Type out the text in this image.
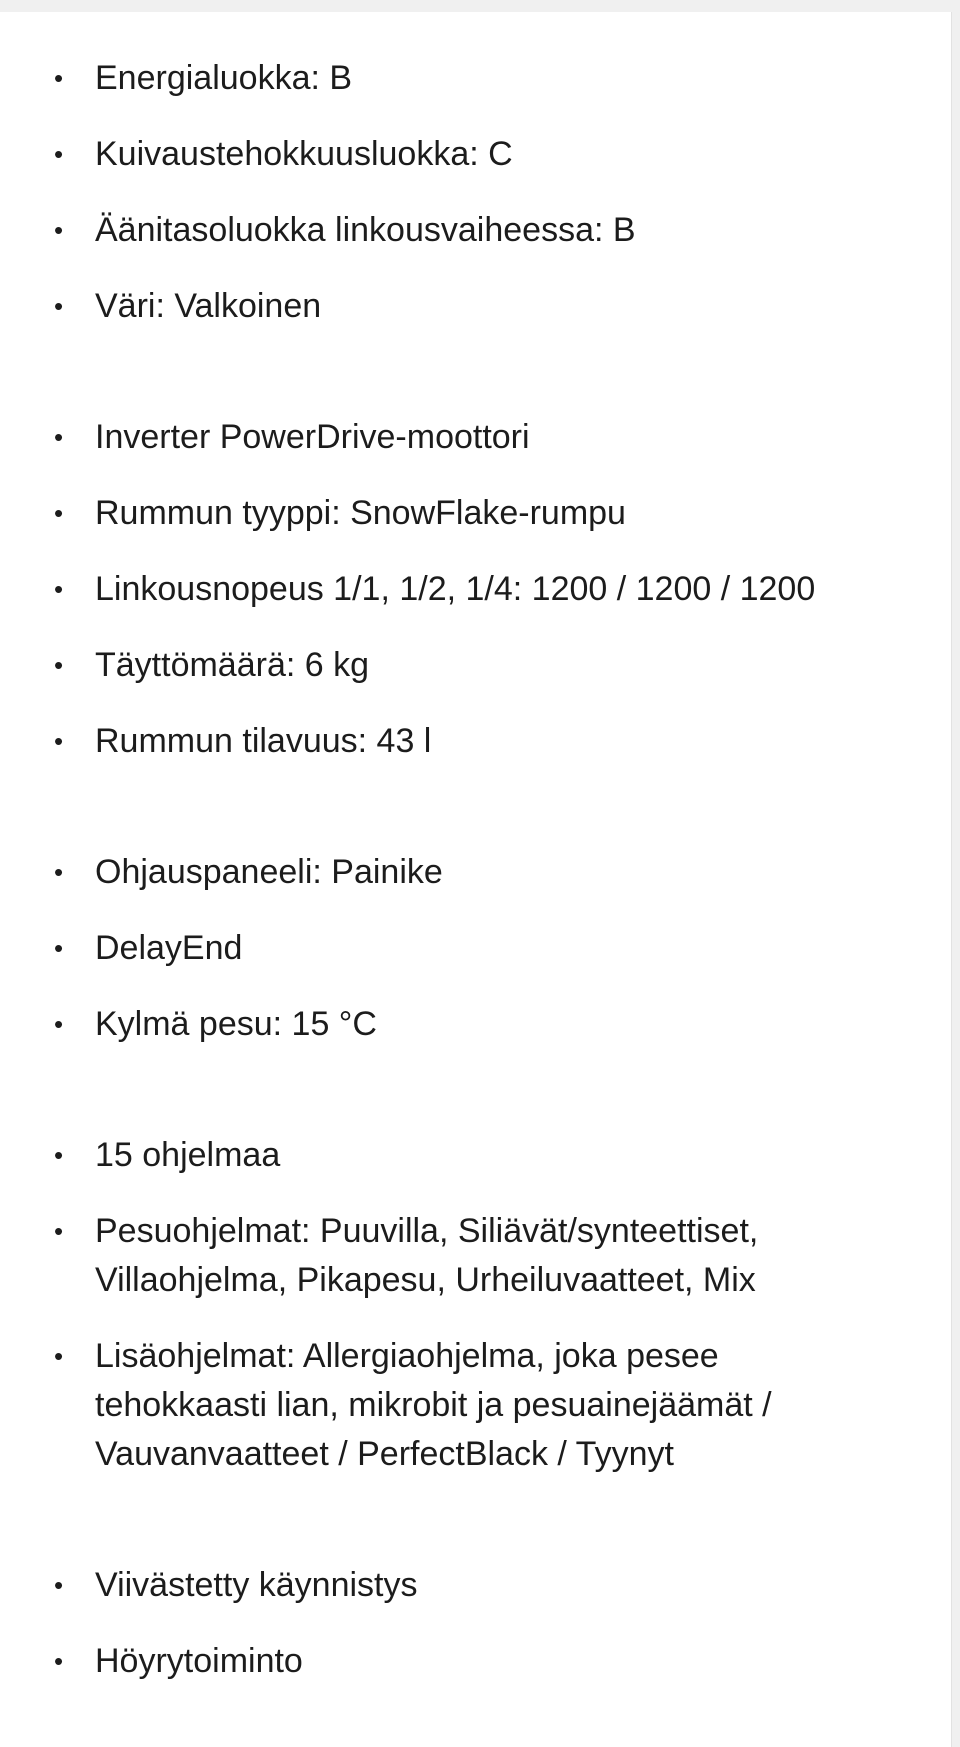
• Energialuokka: B
• Kuivaustehokkuusluokka: C
• Äänitasoluokka linkousvaiheessa: B
• Väri: Valkoinen
• Inverter PowerDrive-moottori
• Rummun tyyppi: SnowFlake-rumpu
• Linkousnopeus 1/1, 1/2, 1/4: 1200 / 1200 / 1200
• Täyttömäärä: 6 kg
• Rummun tilavuus: 43 l
• Ohjauspaneeli: Painike
• DelayEnd
• Kylmä pesu: 15 °C
• 15 ohjelmaa
• Pesuohjelmat: Puuvilla, Siliävät/synteettiset, Villaohjelma, Pikapesu, Urheiluvaatteet, Mix
• Lisäohjelmat: Allergiaohjelma, joka pesee tehokkaasti lian, mikrobit ja pesuainejäämät / Vauvanvaatteet / PerfectBlack / Tyynyt
• Viivästetty käynnistys
• Höyrytoiminto
